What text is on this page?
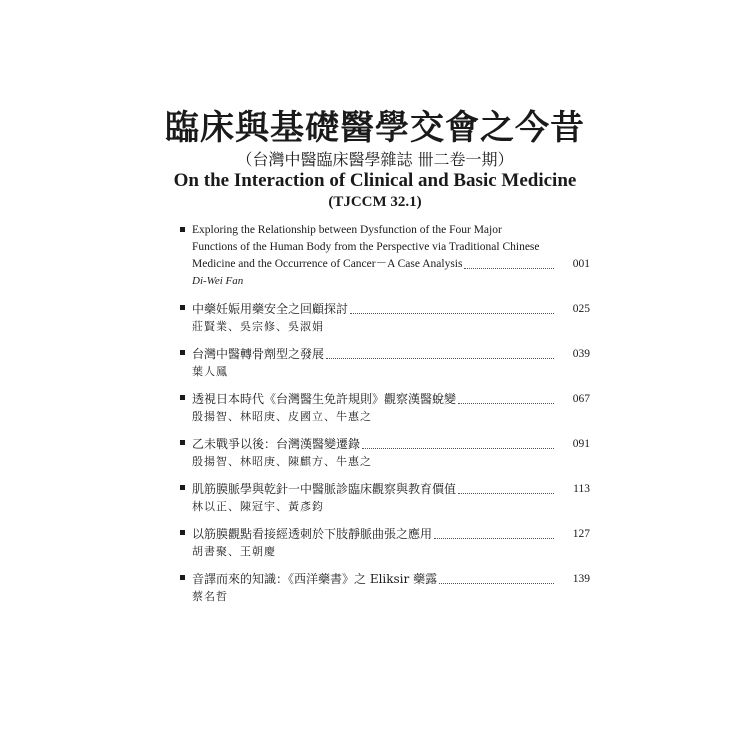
臨床與基礎醫學交會之今昔
（台灣中醫臨床醫學雜誌 卌二卷一期）
On the Interaction of Clinical and Basic Medicine
(TJCCM 32.1)
Exploring the Relationship between Dysfunction of the Four Major
Functions of the Human Body from the Perspective via Traditional Chinese
Medicine and the Occurrence of Cancer－A Case Analysis	001
Di-Wei Fan
中藥妊娠用藥安全之回顧探討	025
莊賢業、吳宗修、吳淑娟
台灣中醫轉骨劑型之發展	039
葉人鳳
透視日本時代《台灣醫生免許規則》觀察漢醫蛻變	067
殷揚智、林昭庚、皮國立、牛惠之
乙未戰爭以後：台灣漢醫變遷錄	091
殷揚智、林昭庚、陳麒方、牛惠之
肌筋膜脈學與乾針一中醫脈診臨床觀察與教育價值	113
林以正、陳冠宇、黃彥鈞
以筋膜觀點看接經透刺於下肢靜脈曲張之應用	127
胡書聚、王朝慶
音譯而來的知識：《西洋藥書》之 Eliksir 藥露	139
蔡名哲
